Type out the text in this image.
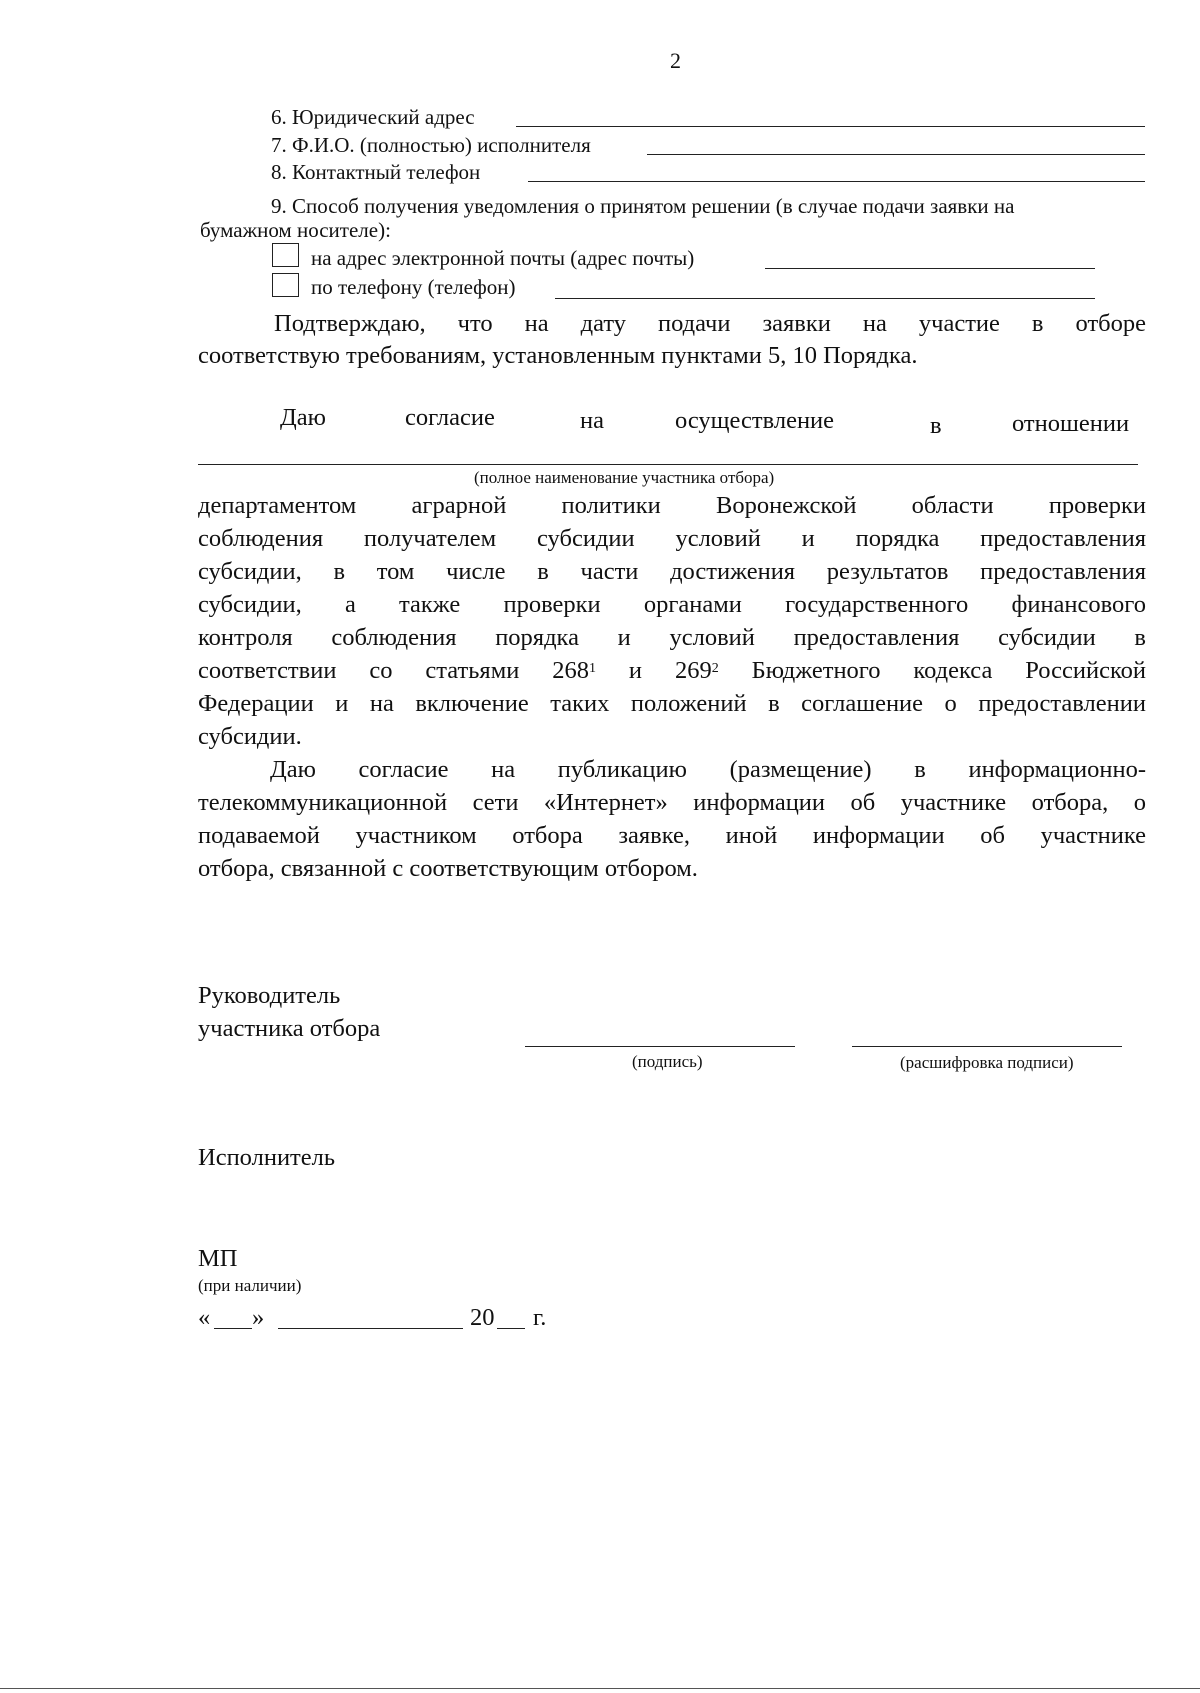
2
6. Юридический адрес
7. Ф.И.О. (полностью) исполнителя
8. Контактный телефон
9. Способ получения уведомления о принятом решении (в случае подачи заявки на
бумажном носителе):
на адрес электронной почты (адрес почты)
по телефону (телефон)
Подтверждаю, что на дату подачи заявки на участие в отборе
соответствую требованиям, установленным пунктами 5, 10 Порядка.
Даю	согласие	на	осуществление	в	отношении
(полное наименование участника отбора)
департаментом аграрной политики Воронежской области проверки
соблюдения получателем субсидии условий и порядка предоставления
субсидии, в том числе в части достижения результатов предоставления
субсидии, а также проверки органами государственного финансового
контроля соблюдения порядка и условий предоставления субсидии в
соответствии со статьями $268^1$ и $269^2$ Бюджетного кодекса Российской
Федерации и на включение таких положений в соглашение о предоставлении
субсидии.
Даю согласие на публикацию (размещение) в информационно-
телекоммуникационной сети «Интернет» информации об участнике отбора, о
подаваемой участником отбора заявке, иной информации об участнике
отбора, связанной с соответствующим отбором.
Руководитель
участника отбора
(подпись)	(расшифровка подписи)
Исполнитель
МП
(при наличии)
« »	20 г.
